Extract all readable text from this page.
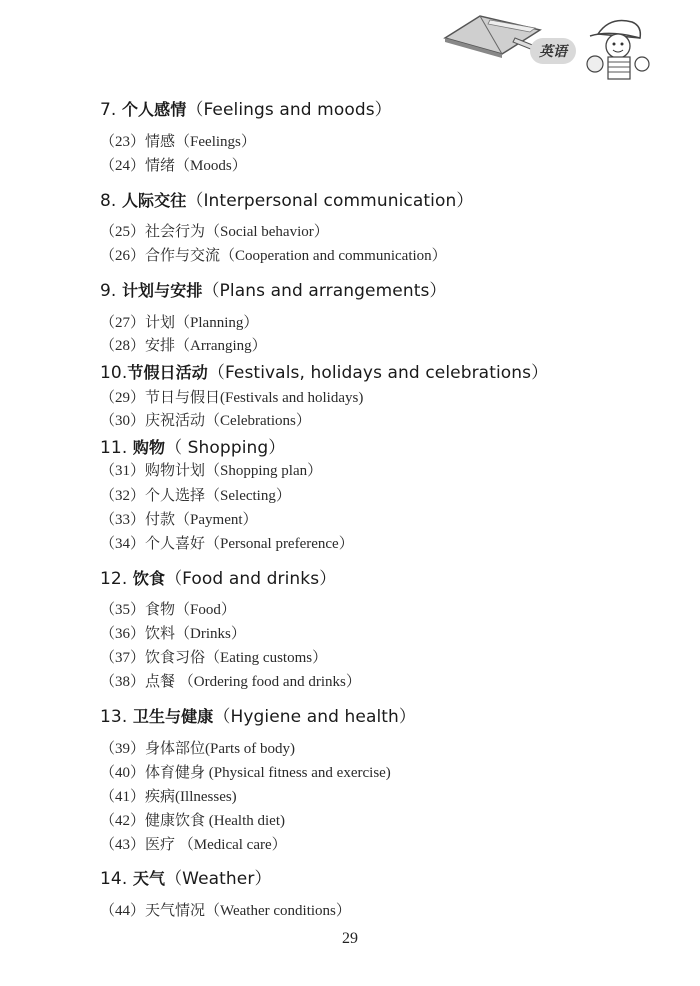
英语
7. 个人感情（Feelings and moods）
（23）情感（Feelings）
（24）情绪（Moods）
8. 人际交往（Interpersonal communication）
（25）社会行为（Social behavior）
（26）合作与交流（Cooperation and communication）
9. 计划与安排（Plans and arrangements）
（27）计划（Planning）
（28）安排（Arranging）
10.节假日活动（Festivals, holidays and celebrations）
（29）节日与假日(Festivals and holidays)
（30）庆祝活动（Celebrations）
11. 购物（ Shopping）
（31）购物计划（Shopping plan）
（32）个人选择（Selecting）
（33）付款（Payment）
（34）个人喜好（Personal preference）
12. 饮食（Food and drinks）
（35）食物（Food）
（36）饮料（Drinks）
（37）饮食习俗（Eating customs）
（38）点餐 （Ordering food and drinks）
13. 卫生与健康（Hygiene and health）
（39）身体部位(Parts of body)
（40）体育健身 (Physical fitness and exercise)
（41）疾病(Illnesses)
（42）健康饮食 (Health diet)
（43）医疗 （Medical care）
14. 天气（Weather）
（44）天气情况（Weather conditions）
29
